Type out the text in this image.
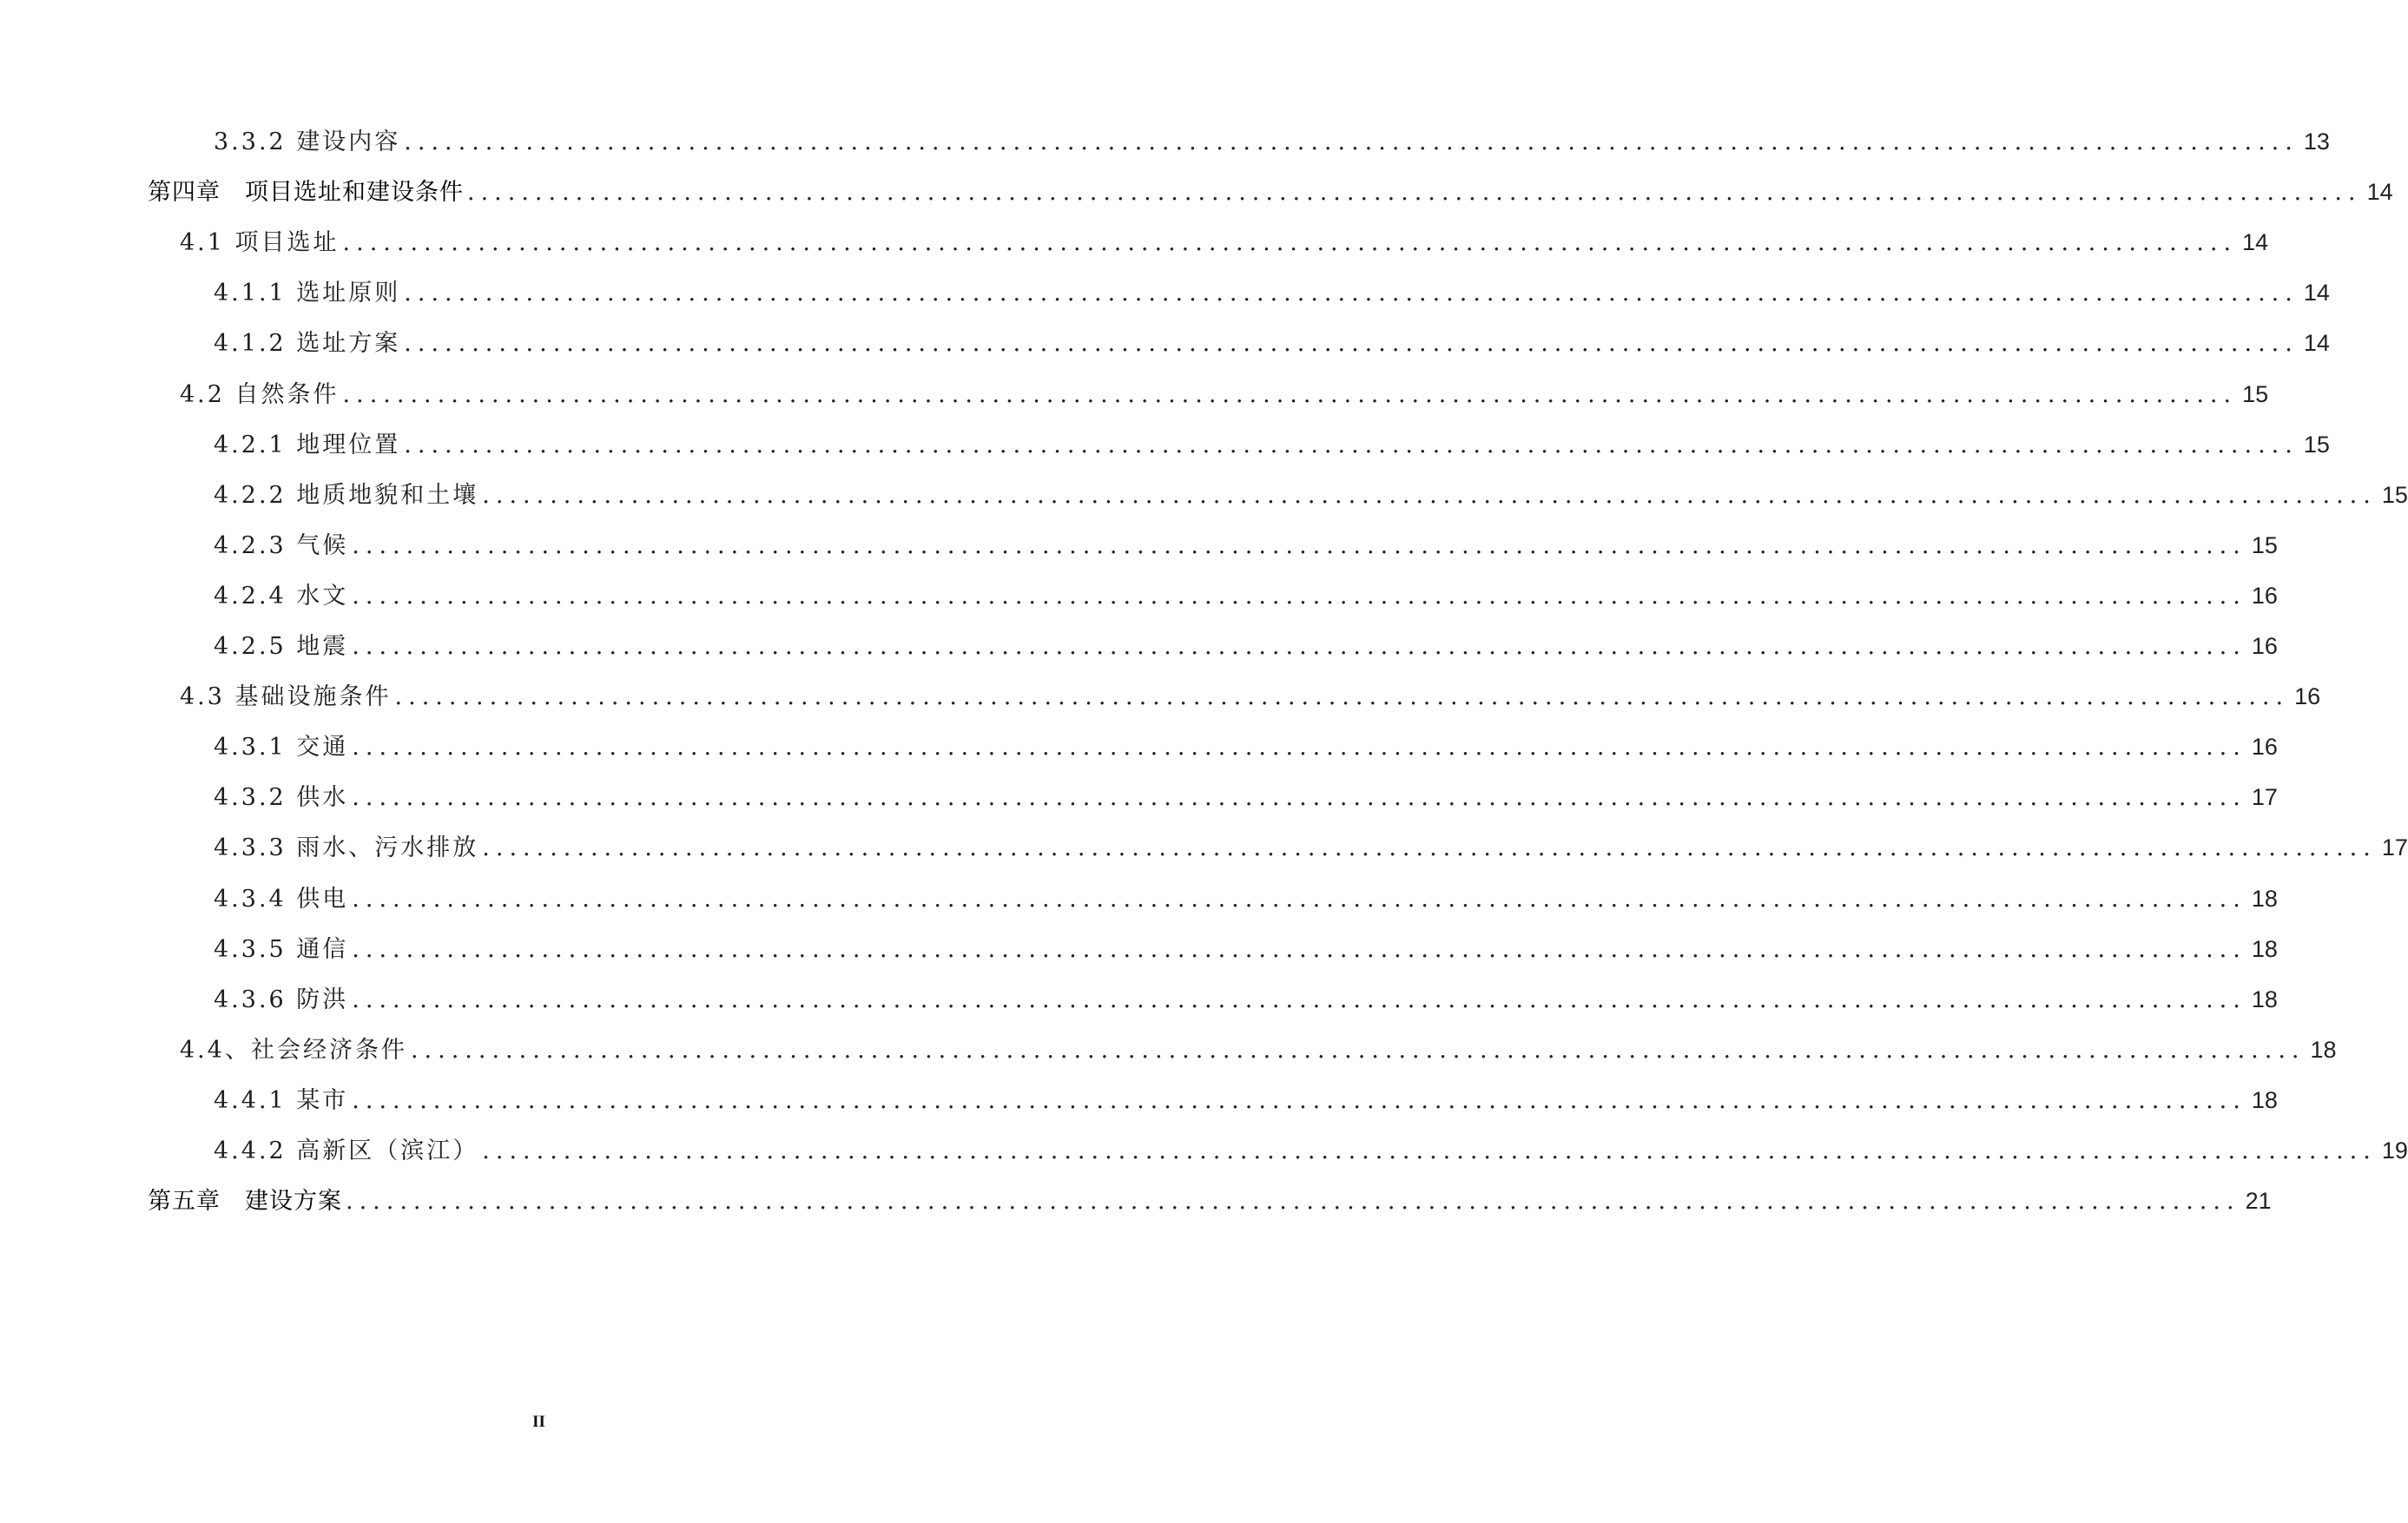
3.3.2 建设内容 ............................................................................................................................................ 13
第四章　项目选址和建设条件 ............................................................................................................................................ 14
4.1 项目选址 ............................................................................................................................................ 14
4.1.1 选址原则 ............................................................................................................................................ 14
4.1.2 选址方案 ............................................................................................................................................ 14
4.2 自然条件 ............................................................................................................................................ 15
4.2.1 地理位置 ............................................................................................................................................ 15
4.2.2 地质地貌和土壤 ............................................................................................................................................ 15
4.2.3 气候 ............................................................................................................................................ 15
4.2.4 水文 ............................................................................................................................................ 16
4.2.5 地震 ............................................................................................................................................ 16
4.3 基础设施条件 ............................................................................................................................................ 16
4.3.1 交通 ............................................................................................................................................ 16
4.3.2 供水 ............................................................................................................................................ 17
4.3.3 雨水、污水排放 ............................................................................................................................................ 17
4.3.4 供电 ............................................................................................................................................ 18
4.3.5 通信 ............................................................................................................................................ 18
4.3.6 防洪 ............................................................................................................................................ 18
4.4、社会经济条件 ............................................................................................................................................ 18
4.4.1 某市 ............................................................................................................................................ 18
4.4.2 高新区（滨江） ............................................................................................................................................ 19
第五章　建设方案 ............................................................................................................................................ 21
II
